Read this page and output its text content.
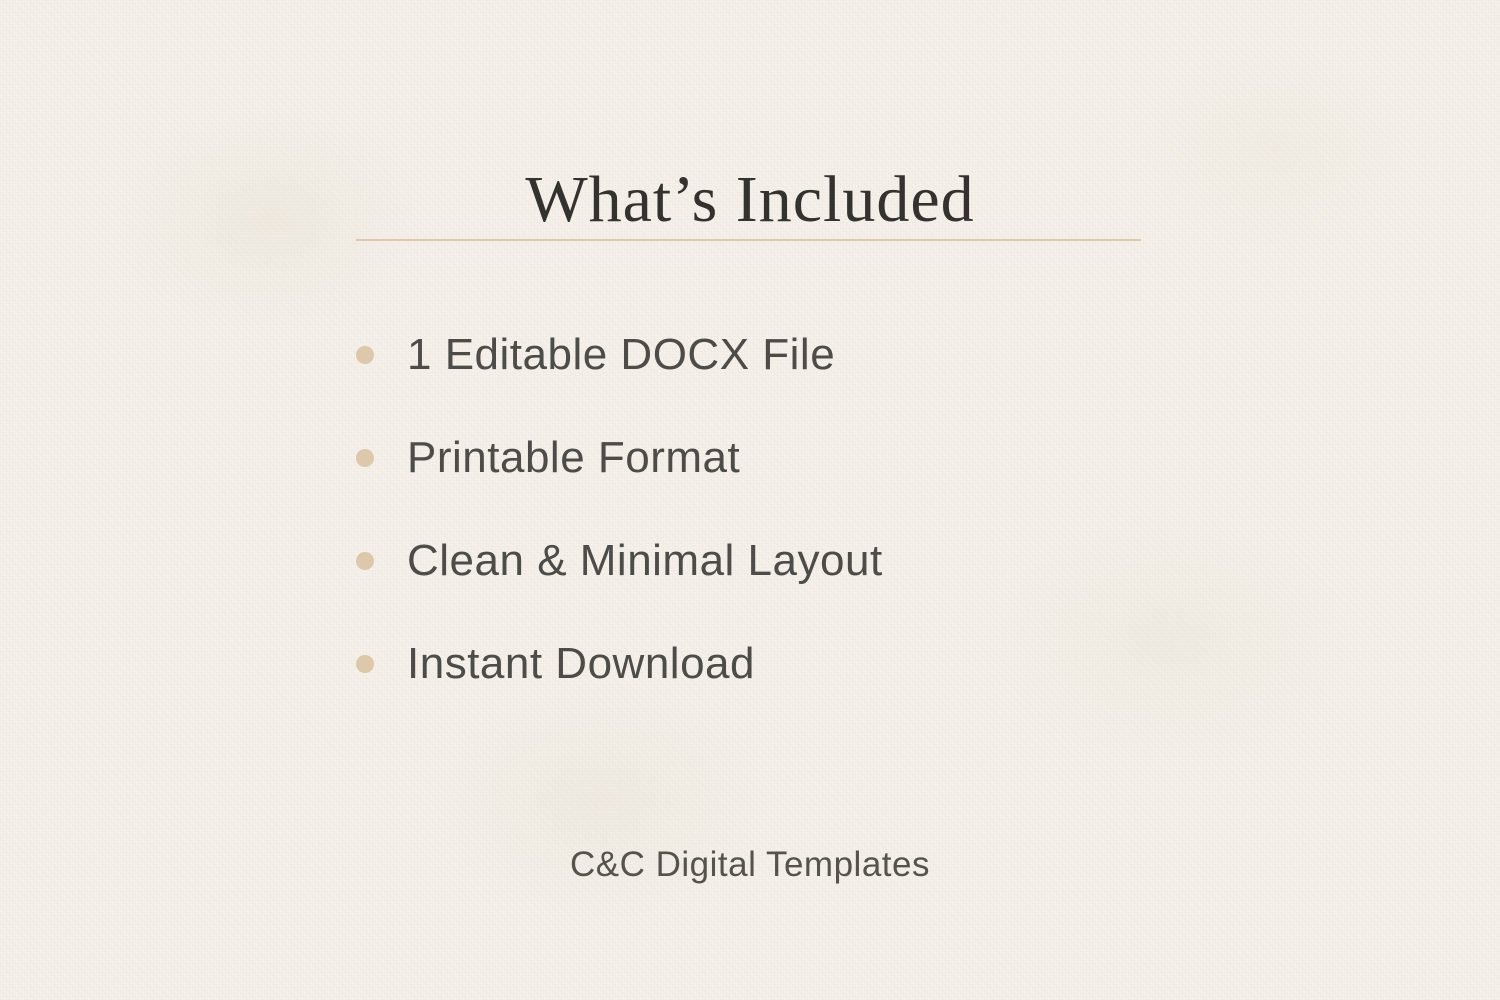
What’s Included
1 Editable DOCX File
Printable Format
Clean & Minimal Layout
Instant Download
C&C Digital Templates
